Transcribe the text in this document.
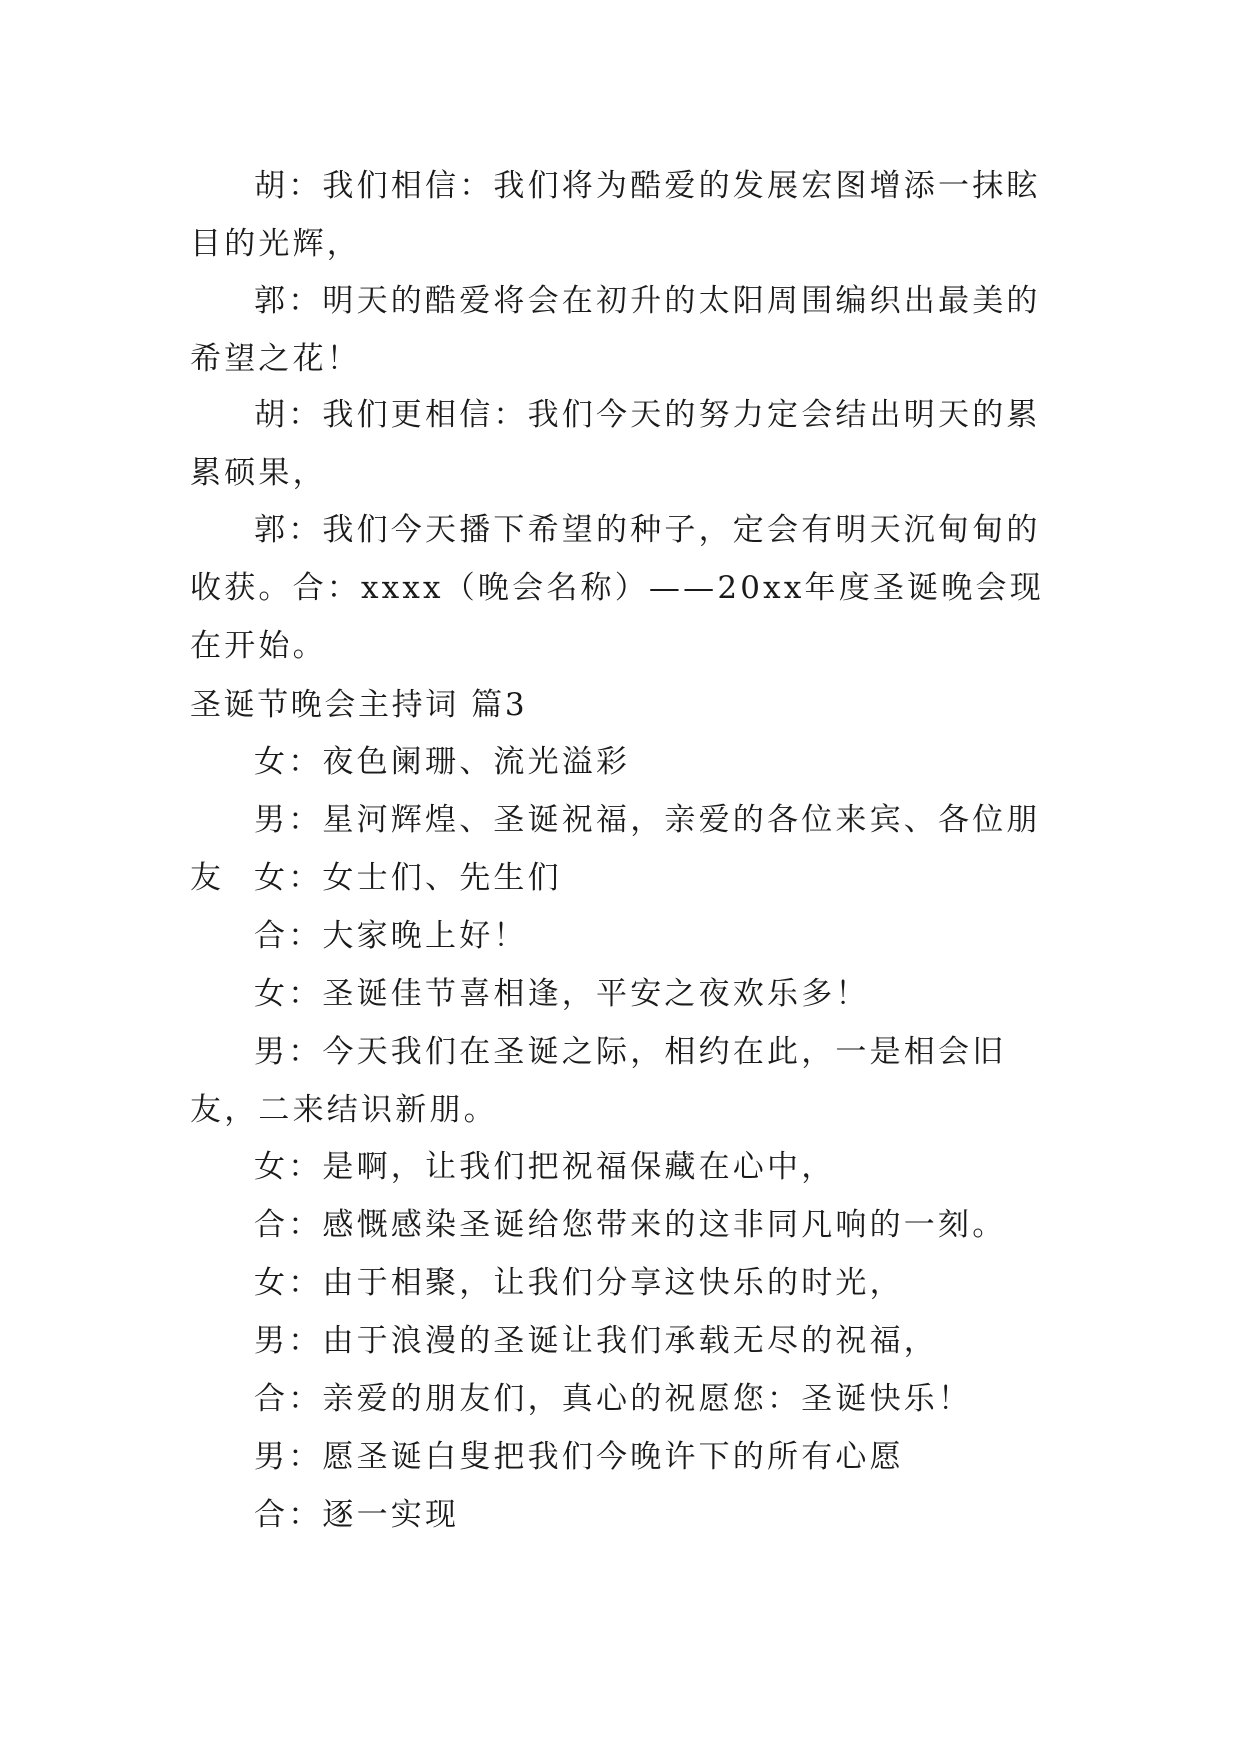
胡：我们相信：我们将为酷爱的发展宏图增添一抹眩目的光辉，

郭：明天的酷爱将会在初升的太阳周围编织出最美的希望之花！

胡：我们更相信：我们今天的努力定会结出明天的累累硕果，

郭：我们今天播下希望的种子，定会有明天沉甸甸的收获。合：xxxx（晚会名称）——20xx年度圣诞晚会现在开始。

圣诞节晚会主持词 篇3

女：夜色阑珊、流光溢彩

男：星河辉煌、圣诞祝福，亲爱的各位来宾、各位朋友 女：女士们、先生们

合：大家晚上好！

女：圣诞佳节喜相逢，平安之夜欢乐多！

男：今天我们在圣诞之际，相约在此，一是相会旧友，二来结识新朋。

女：是啊，让我们把祝福保藏在心中，

合：感慨感染圣诞给您带来的这非同凡响的一刻。

女：由于相聚，让我们分享这快乐的时光，

男：由于浪漫的圣诞让我们承载无尽的祝福，

合：亲爱的朋友们，真心的祝愿您：圣诞快乐！

男：愿圣诞白叟把我们今晚许下的所有心愿

合：逐一实现
